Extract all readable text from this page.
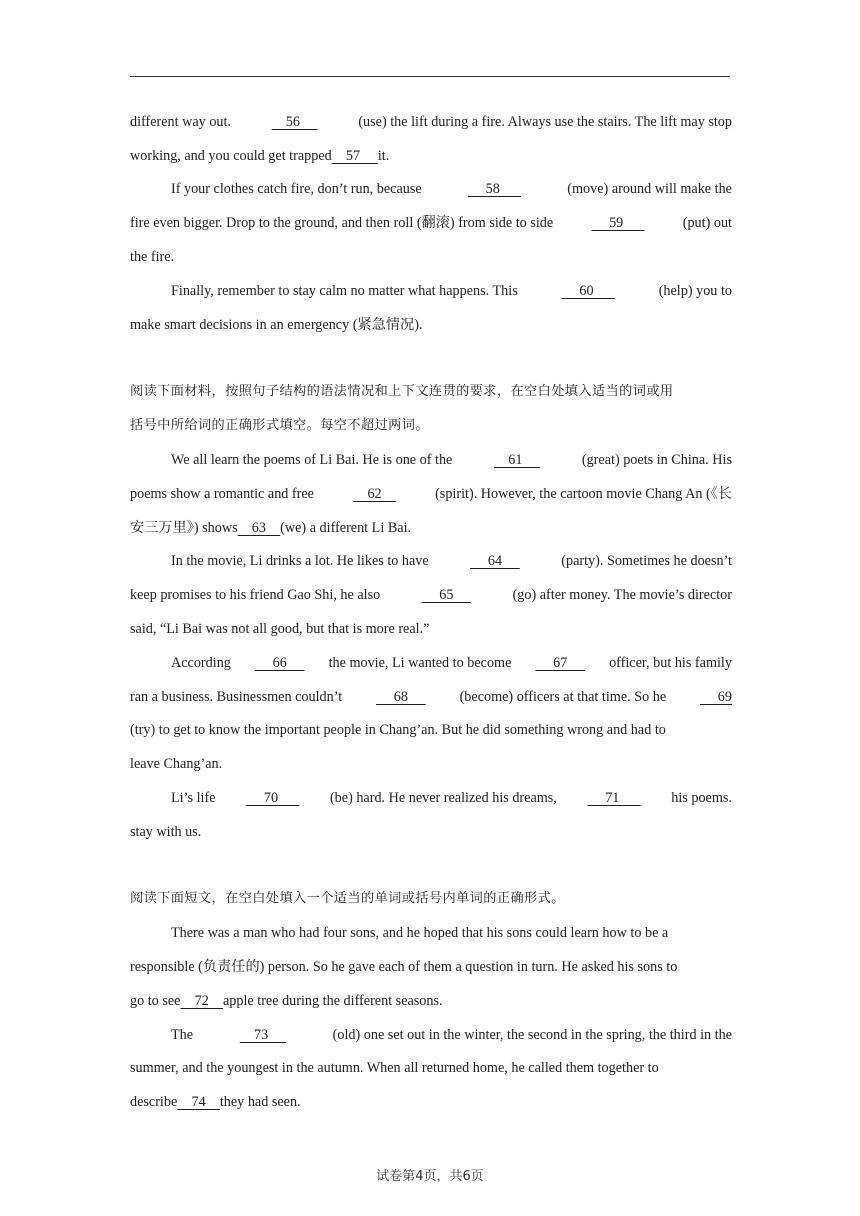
different way out.	56	(use) the lift during a fire. Always use the stairs. The lift may stop
working, and you could get trapped 57 it.
If your clothes catch fire, don’t run, because	58	(move) around will make the
fire even bigger. Drop to the ground, and then roll (翻滚) from side to side 59 (put) out
the fire.
Finally, remember to stay calm no matter what happens. This	60	(help) you to
make smart decisions in an emergency (紧急情况).
阅读下面材料，按照句子结构的语法情况和上下文连贯的要求，在空白处填入适当的词或用
括号中所给词的正确形式填空。每空不超过两词。
We all learn the poems of Li Bai. He is one of the	61	(great) poets in China. His
poems show a romantic and free	62	(spirit). However, the cartoon movie Chang An (《长
安三万里》) shows 63 (we) a different Li Bai.
In the movie, Li drinks a lot. He likes to have	64	(party). Sometimes he doesn’t
keep promises to his friend Gao Shi, he also	65	(go) after money. The movie’s director
said, “Li Bai was not all good, but that is more real.”
According 66 the movie, Li wanted to become 67 officer, but his family
ran a business. Businessmen couldn’t 68 (become) officers at that time. So he 69
(try) to get to know the important people in Chang’an. But he did something wrong and had to
leave Chang’an.
Li’s life 70 (be) hard. He never realized his dreams, 71 his poems.
stay with us.
阅读下面短文，在空白处填入一个适当的单词或括号内单词的正确形式。
There was a man who had four sons, and he hoped that his sons could learn how to be a
responsible (负责任的) person. So he gave each of them a question in turn. He asked his sons to
go to see 72 apple tree during the different seasons.
The	73	(old) one set out in the winter, the second in the spring, the third in the
summer, and the youngest in the autumn. When all returned home, he called them together to
describe 74 they had seen.
试卷第4页，共6页
